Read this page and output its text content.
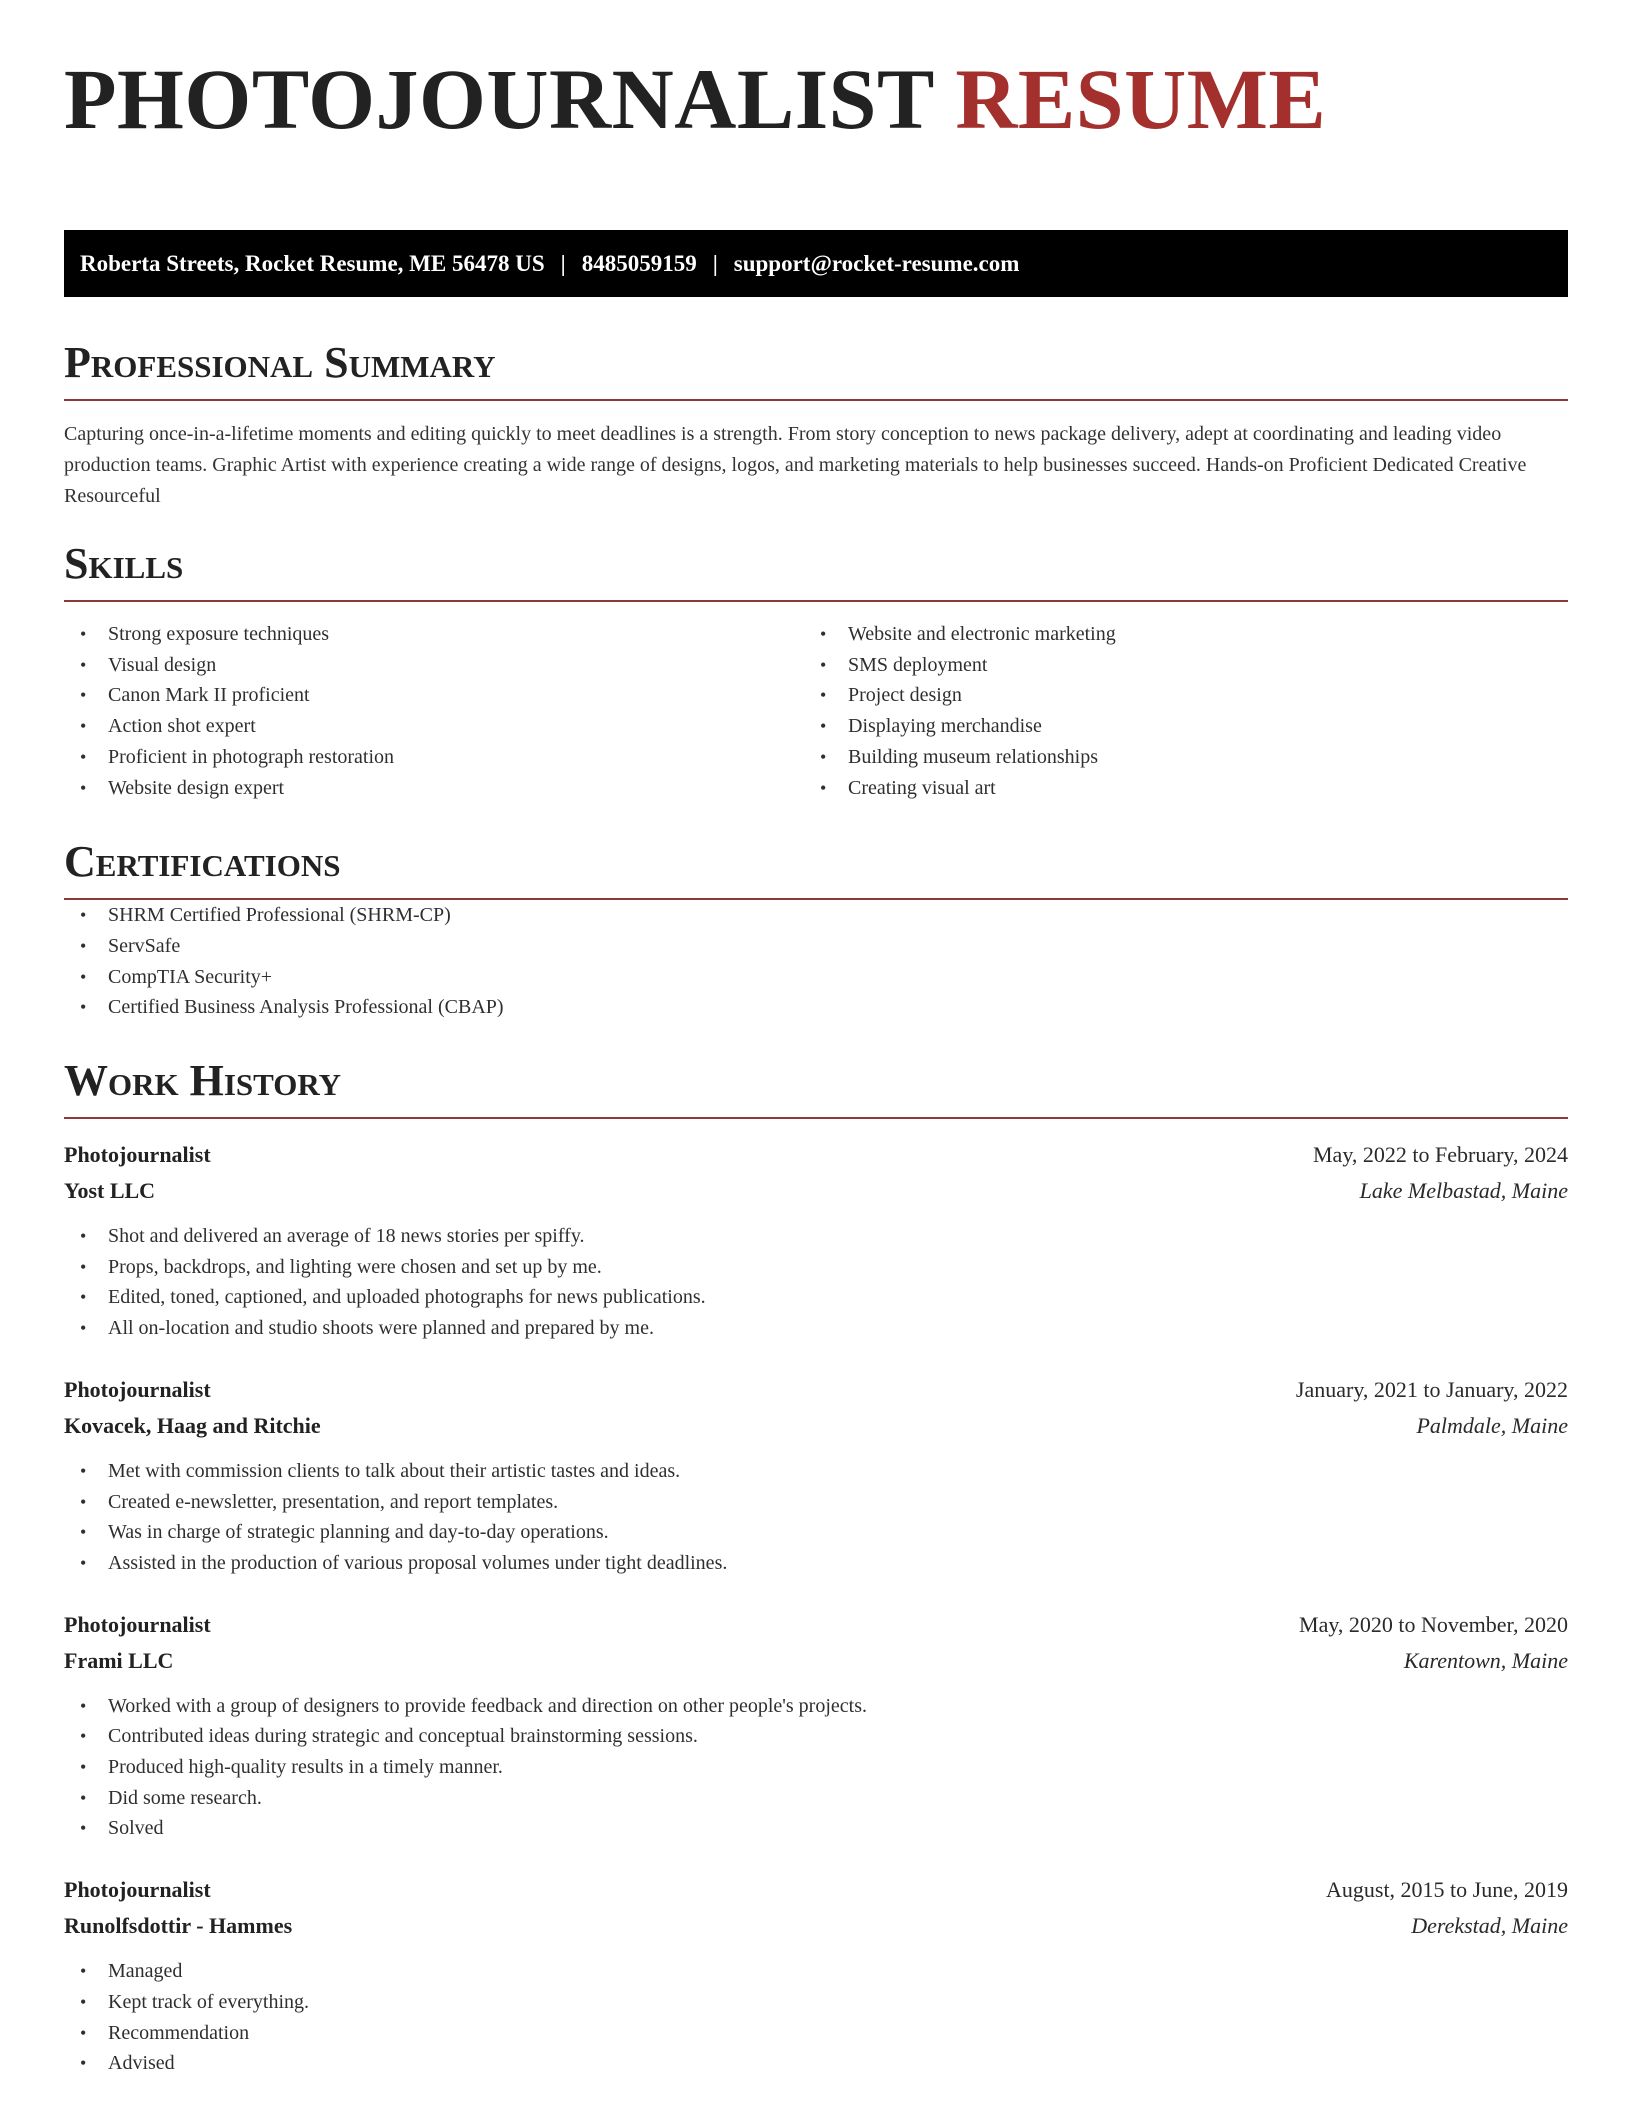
PHOTOJOURNALIST RESUME
Roberta Streets, Rocket Resume, ME 56478 US | 8485059159 | support@rocket-resume.com
Professional Summary

Capturing once-in-a-lifetime moments and editing quickly to meet deadlines is a strength. From story conception to news package delivery, adept at coordinating and leading video production teams. Graphic Artist with experience creating a wide range of designs, logos, and marketing materials to help businesses succeed. Hands-on Proficient Dedicated Creative Resourceful

Skills
• Strong exposure techniques
• Visual design
• Canon Mark II proficient
• Action shot expert
• Proficient in photograph restoration
• Website design expert
• Website and electronic marketing
• SMS deployment
• Project design
• Displaying merchandise
• Building museum relationships
• Creating visual art
Certifications
• SHRM Certified Professional (SHRM-CP)
• ServSafe
• CompTIA Security+
• Certified Business Analysis Professional (CBAP)
Work History
Photojournalist	May, 2022 to February, 2024
Yost LLC	Lake Melbastad, Maine
• Shot and delivered an average of 18 news stories per spiffy.
• Props, backdrops, and lighting were chosen and set up by me.
• Edited, toned, captioned, and uploaded photographs for news publications.
• All on-location and studio shoots were planned and prepared by me.
Photojournalist	January, 2021 to January, 2022
Kovacek, Haag and Ritchie	Palmdale, Maine
• Met with commission clients to talk about their artistic tastes and ideas.
• Created e-newsletter, presentation, and report templates.
• Was in charge of strategic planning and day-to-day operations.
• Assisted in the production of various proposal volumes under tight deadlines.
Photojournalist	May, 2020 to November, 2020
Frami LLC	Karentown, Maine
• Worked with a group of designers to provide feedback and direction on other people's projects.
• Contributed ideas during strategic and conceptual brainstorming sessions.
• Produced high-quality results in a timely manner.
• Did some research.
• Solved
Photojournalist	August, 2015 to June, 2019
Runolfsdottir - Hammes	Derekstad, Maine
• Managed
• Kept track of everything.
• Recommendation
• Advised
